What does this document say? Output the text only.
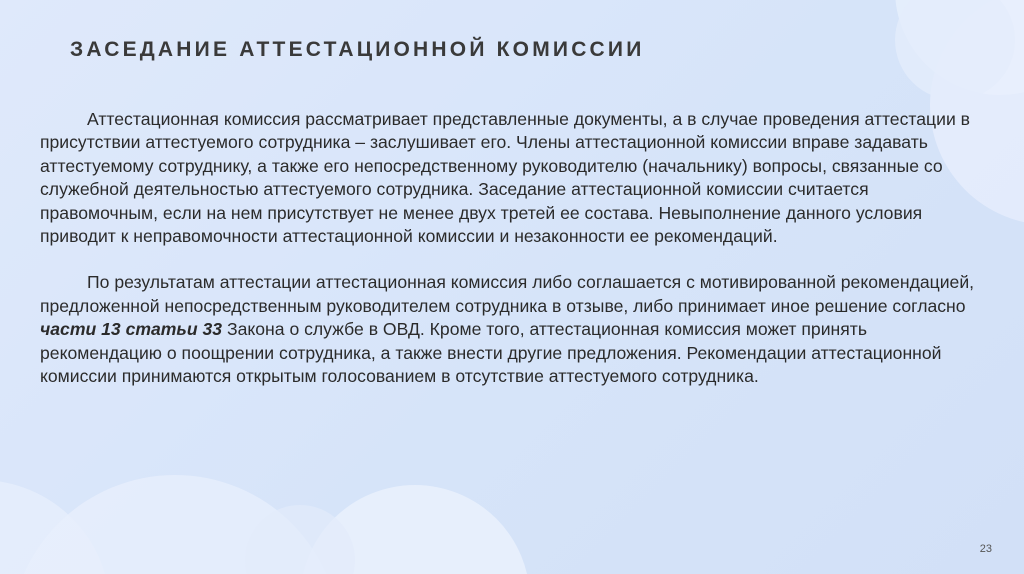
ЗАСЕДАНИЕ АТТЕСТАЦИОННОЙ КОМИССИИ

Аттестационная комиссия рассматривает представленные документы, а в случае проведения аттестации в присутствии аттестуемого сотрудника – заслушивает его. Члены аттестационной комиссии вправе задавать аттестуемому сотруднику, а также его непосредственному руководителю (начальнику) вопросы, связанные со служебной деятельностью аттестуемого сотрудника. Заседание аттестационной комиссии считается правомочным, если на нем присутствует не менее двух третей ее состава. Невыполнение данного условия приводит к неправомочности аттестационной комиссии и незаконности ее рекомендаций.

По результатам аттестации аттестационная комиссия либо соглашается с мотивированной рекомендацией, предложенной непосредственным руководителем сотрудника в отзыве, либо принимает иное решение согласно части 13 статьи 33 Закона о службе в ОВД. Кроме того, аттестационная комиссия может принять рекомендацию о поощрении сотрудника, а также внести другие предложения. Рекомендации аттестационной комиссии принимаются открытым голосованием в отсутствие аттестуемого сотрудника.

23
